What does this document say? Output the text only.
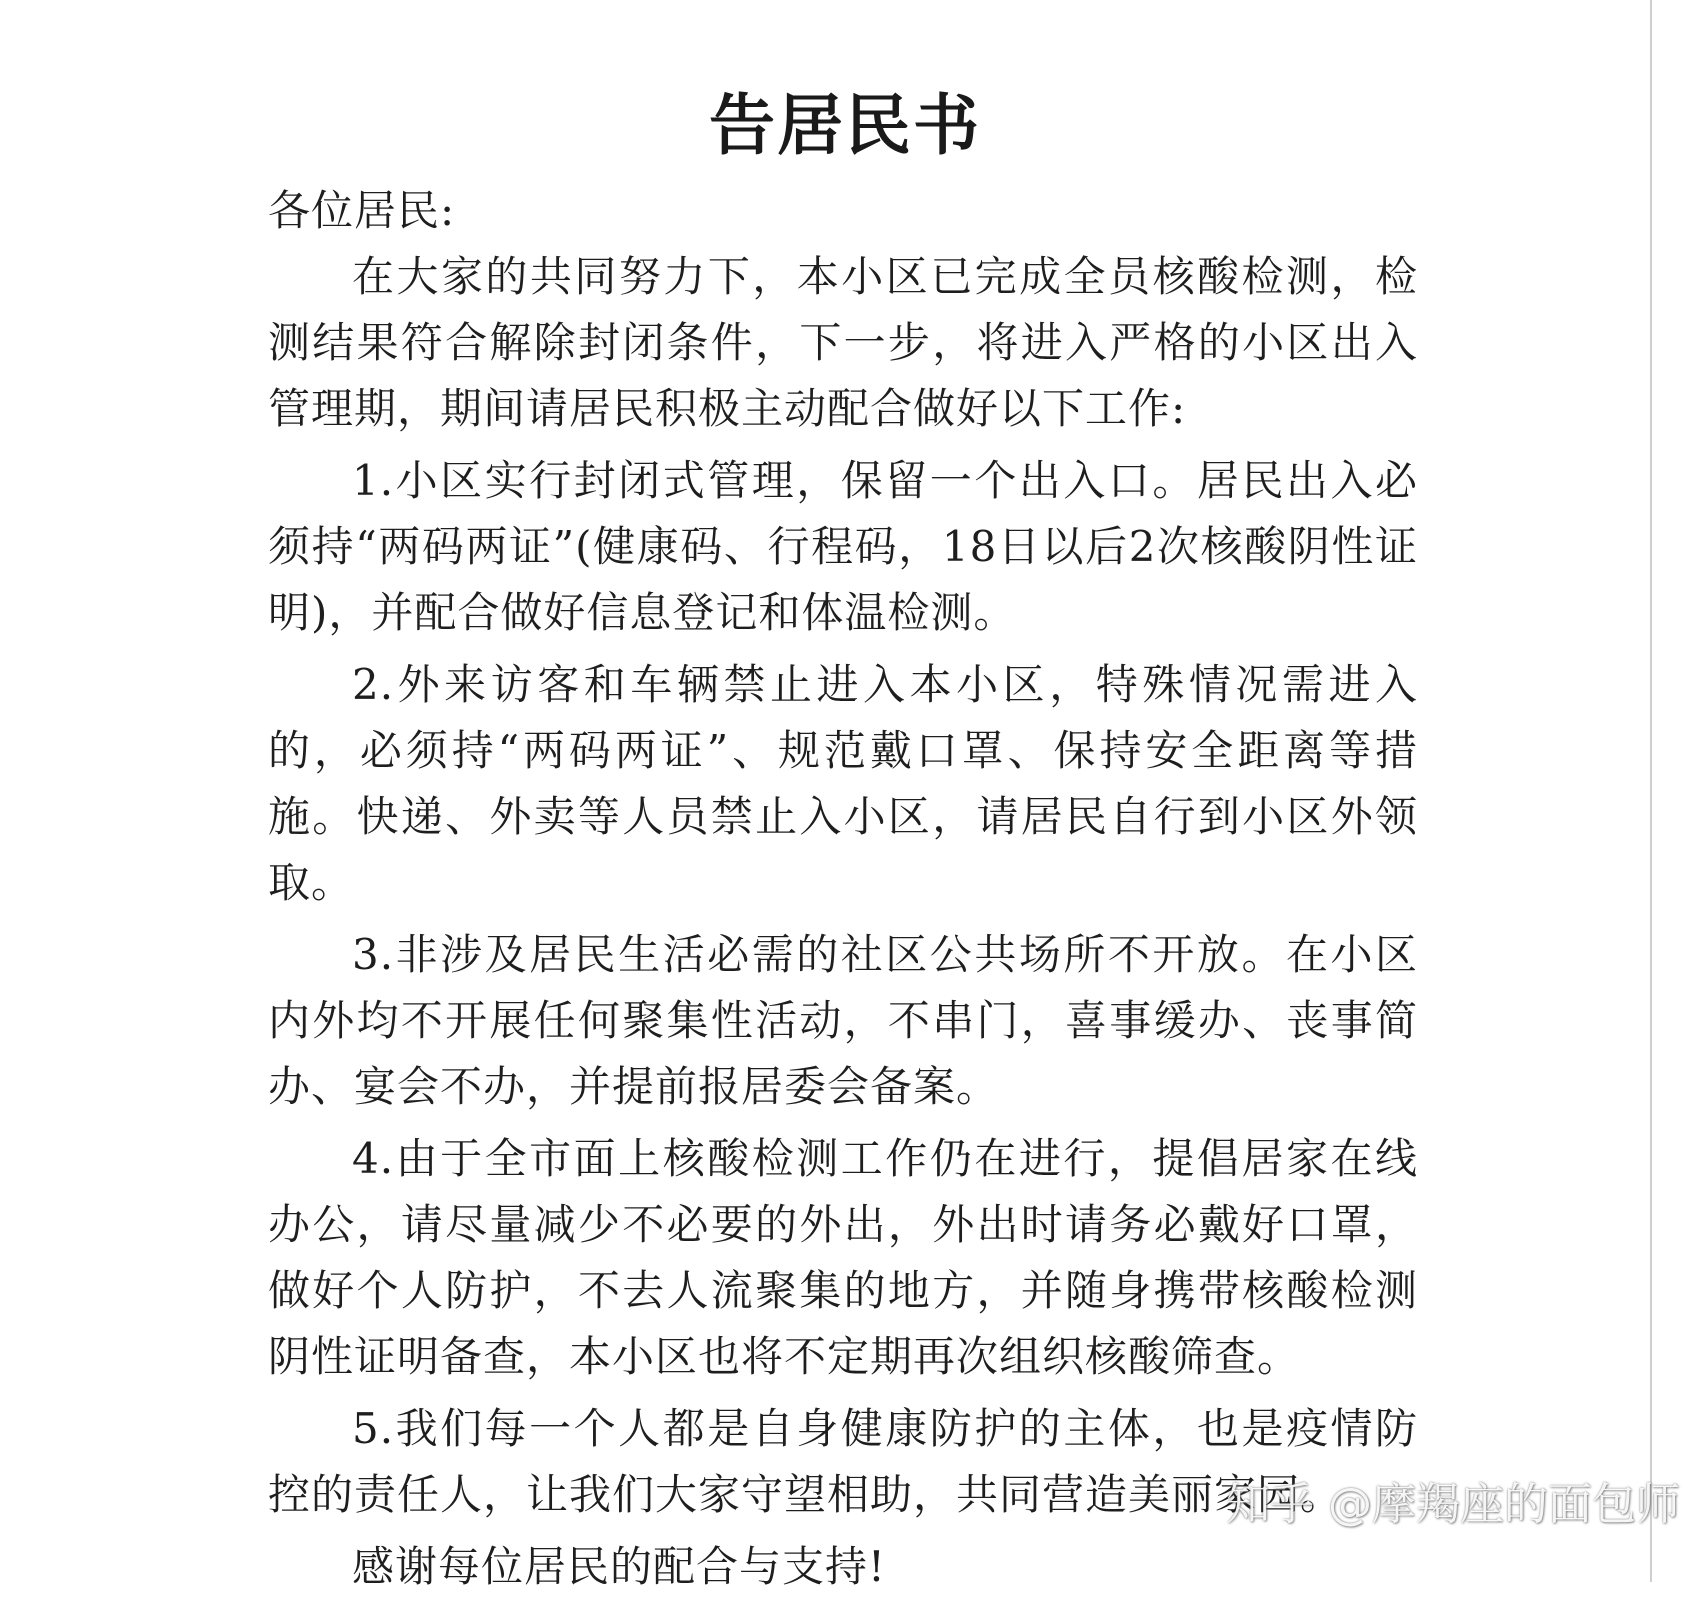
告居民书

各位居民:

在大家的共同努力下，本小区已完成全员核酸检测，检测结果符合解除封闭条件，下一步，将进入严格的小区出入管理期，期间请居民积极主动配合做好以下工作:

1.小区实行封闭式管理，保留一个出入口。居民出入必须持“两码两证”(健康码、行程码，18日以后2次核酸阴性证明)，并配合做好信息登记和体温检测。

2.外来访客和车辆禁止进入本小区，特殊情况需进入的，必须持“两码两证”、规范戴口罩、保持安全距离等措施。快递、外卖等人员禁止入小区，请居民自行到小区外领取。

3.非涉及居民生活必需的社区公共场所不开放。在小区内外均不开展任何聚集性活动，不串门，喜事缓办、丧事简办、宴会不办，并提前报居委会备案。

4.由于全市面上核酸检测工作仍在进行，提倡居家在线办公，请尽量减少不必要的外出，外出时请务必戴好口罩，做好个人防护，不去人流聚集的地方，并随身携带核酸检测阴性证明备查，本小区也将不定期再次组织核酸筛查。

5.我们每一个人都是自身健康防护的主体，也是疫情防控的责任人，让我们大家守望相助，共同营造美丽家园。

感谢每位居民的配合与支持!

知乎 @摩羯座的面包师
